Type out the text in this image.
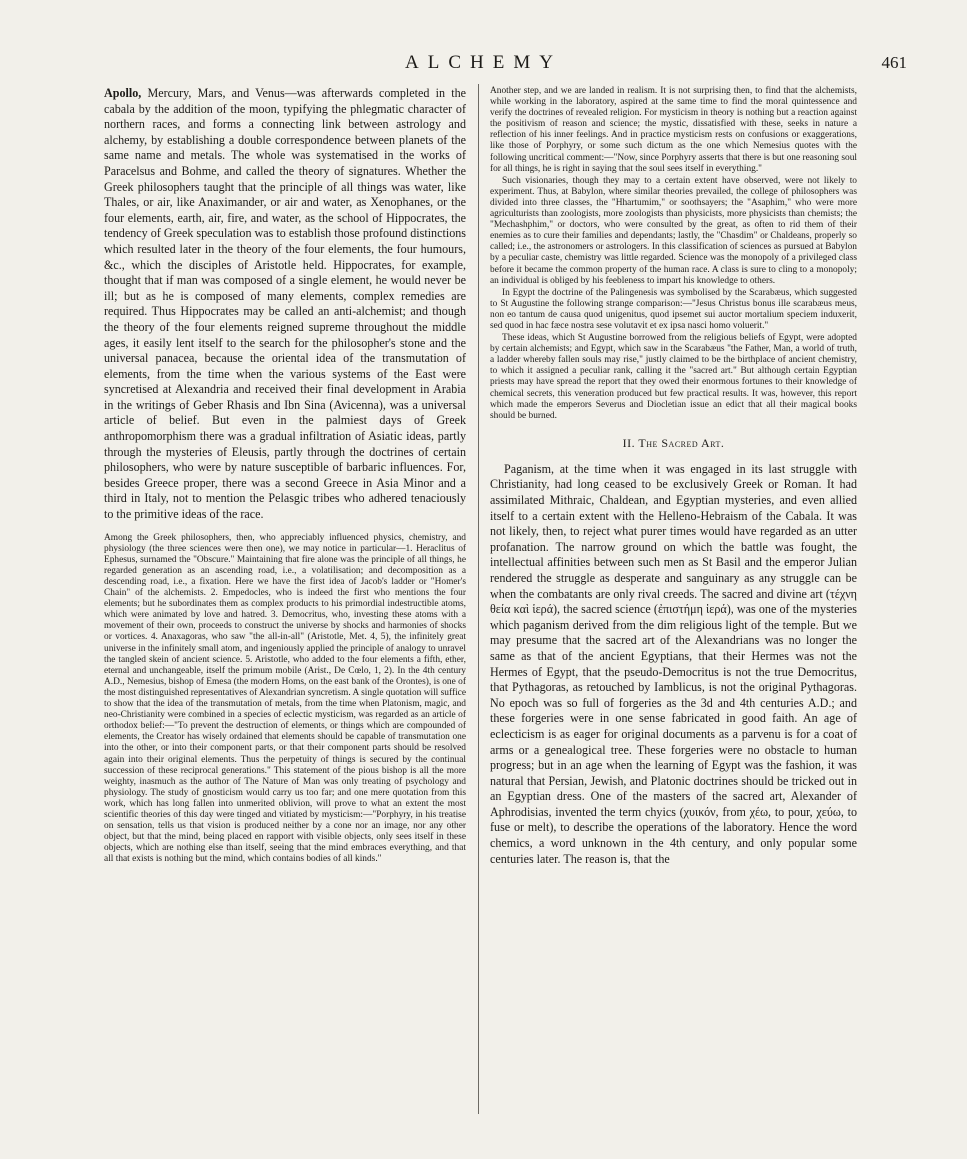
ALCHEMY	461

Apollo, Mercury, Mars, and Venus—was afterwards completed in the cabala by the addition of the moon, typifying the phlegmatic character of northern races, and forms a connecting link between astrology and alchemy, by establishing a double correspondence between planets of the same name and metals. The whole was systematised in the works of Paracelsus and Bohme, and called the theory of signatures. Whether the Greek philosophers taught that the principle of all things was water, like Thales, or air, like Anaximander, or air and water, as Xenophanes, or the four elements, earth, air, fire, and water, as the school of Hippocrates, the tendency of Greek speculation was to establish those profound distinctions which resulted later in the theory of the four elements, the four humours, &c., which the disciples of Aristotle held. Hippocrates, for example, thought that if man was composed of a single element, he would never be ill; but as he is composed of many elements, complex remedies are required. Thus Hippocrates may be called an anti-alchemist; and though the theory of the four elements reigned supreme throughout the middle ages, it easily lent itself to the search for the philosopher's stone and the universal panacea, because the oriental idea of the transmutation of elements, from the time when the various systems of the East were syncretised at Alexandria and received their final development in Arabia in the writings of Geber Rhasis and Ibn Sina (Avicenna), was a universal article of belief. But even in the palmiest days of Greek anthropomorphism there was a gradual infiltration of Asiatic ideas, partly through the mysteries of Eleusis, partly through the doctrines of certain philosophers, who were by nature susceptible of barbaric influences. For, besides Greece proper, there was a second Greece in Asia Minor and a third in Italy, not to mention the Pelasgic tribes who adhered tenaciously to the primitive ideas of the race.

Among the Greek philosophers, then, who appreciably influenced physics, chemistry, and physiology (the three sciences were then one), we may notice in particular—1. Heraclitus of Ephesus, surnamed the "Obscure." Maintaining that fire alone was the principle of all things, he regarded generation as an ascending road, i.e., a volatilisation; and decomposition as a descending road, i.e., a fixation. Here we have the first idea of Jacob's ladder or "Homer's Chain" of the alchemists. 2. Empedocles, who is indeed the first who mentions the four elements; but he subordinates them as complex products to his primordial indestructible atoms, which were animated by love and hatred. 3. Democritus, who, investing these atoms with a movement of their own, proceeds to construct the universe by shocks and harmonies of shocks or vortices. 4. Anaxagoras, who saw "the all-in-all" (Aristotle, Met. 4, 5), the infinitely great universe in the infinitely small atom, and ingeniously applied the principle of analogy to unravel the tangled skein of ancient science. 5. Aristotle, who added to the four elements a fifth, ether, eternal and unchangeable, itself the primum mobile (Arist., De Cœlo, 1, 2). In the 4th century A.D., Nemesius, bishop of Emesa (the modern Homs, on the east bank of the Orontes), is one of the most distinguished representatives of Alexandrian syncretism. A single quotation will suffice to show that the idea of the transmutation of metals, from the time when Platonism, magic, and neo-Christianity were combined in a species of eclectic mysticism, was regarded as an article of orthodox belief:—"To prevent the destruction of elements, or things which are compounded of elements, the Creator has wisely ordained that elements should be capable of transmutation one into the other, or into their component parts, or that their component parts should be resolved again into their original elements. Thus the perpetuity of things is secured by the continual succession of these reciprocal generations." This statement of the pious bishop is all the more weighty, inasmuch as the author of The Nature of Man was only treating of psychology and physiology. The study of gnosticism would carry us too far; and one mere quotation from this work, which has long fallen into unmerited oblivion, will prove to what an extent the most scientific theories of this day were tinged and vitiated by mysticism:—"Porphyry, in his treatise on sensation, tells us that vision is produced neither by a cone nor an image, nor any other object, but that the mind, being placed en rapport with visible objects, only sees itself in these objects, which are nothing else than itself, seeing that the mind embraces everything, and that all that exists is nothing but the mind, which contains bodies of all kinds."

Another step, and we are landed in realism. It is not surprising then, to find that the alchemists, while working in the laboratory, aspired at the same time to find the moral quintessence and verify the doctrines of revealed religion. For mysticism in theory is nothing but a reaction against the positivism of reason and science; the mystic, dissatisfied with these, seeks in nature a reflection of his inner feelings. And in practice mysticism rests on confusions or exaggerations, like those of Porphyry, or some such dictum as the one which Nemesius quotes with the following uncritical comment:—"Now, since Porphyry asserts that there is but one reasoning soul for all things, he is right in saying that the soul sees itself in everything."

Such visionaries, though they may to a certain extent have observed, were not likely to experiment. Thus, at Babylon, where similar theories prevailed, the college of philosophers was divided into three classes, the "Hhartumim," or soothsayers; the "Asaphim," who were more agriculturists than zoologists, more zoologists than physicists, more physicists than chemists; the "Mechashphim," or doctors, who were consulted by the great, as often to rid them of their enemies as to cure their families and dependants; lastly, the "Chasdim" or Chaldeans, properly so called; i.e., the astronomers or astrologers. In this classification of sciences as pursued at Babylon by a peculiar caste, chemistry was little regarded. Science was the monopoly of a privileged class before it became the common property of the human race. A class is sure to cling to a monopoly; an individual is obliged by his feebleness to impart his knowledge to others.

In Egypt the doctrine of the Palingenesis was symbolised by the Scarabæus, which suggested to St Augustine the following strange comparison:—"Jesus Christus bonus ille scarabæus meus, non eo tantum de causa quod unigenitus, quod ipsemet sui auctor mortalium speciem induxerit, sed quod in hac fæce nostra sese volutavit et ex ipsa nasci homo voluerit."

These ideas, which St Augustine borrowed from the religious beliefs of Egypt, were adopted by certain alchemists; and Egypt, which saw in the Scarabæus "the Father, Man, a world of truth, a ladder whereby fallen souls may rise," justly claimed to be the birthplace of ancient chemistry, to which it assigned a peculiar rank, calling it the "sacred art." But although certain Egyptian priests may have spread the report that they owed their enormous fortunes to their knowledge of chemical secrets, this veneration produced but few practical results. It was, however, this report which made the emperors Severus and Diocletian issue an edict that all their magical books should be burned.

II. The Sacred Art.

Paganism, at the time when it was engaged in its last struggle with Christianity, had long ceased to be exclusively Greek or Roman. It had assimilated Mithraic, Chaldean, and Egyptian mysteries, and even allied itself to a certain extent with the Helleno-Hebraism of the Cabala. It was not likely, then, to reject what purer times would have regarded as an utter profanation. The narrow ground on which the battle was fought, the intellectual affinities between such men as St Basil and the emperor Julian rendered the struggle as desperate and sanguinary as any struggle can be when the combatants are only rival creeds. The sacred and divine art (τέχνη θεία καὶ ἱερά), the sacred science (ἐπιστήμη ἱερά), was one of the mysteries which paganism derived from the dim religious light of the temple. But we may presume that the sacred art of the Alexandrians was no longer the same as that of the ancient Egyptians, that their Hermes was not the Hermes of Egypt, that the pseudo-Democritus is not the true Democritus, that Pythagoras, as retouched by Iamblicus, is not the original Pythagoras. No epoch was so full of forgeries as the 3d and 4th centuries A.D.; and these forgeries were in one sense fabricated in good faith. An age of eclecticism is as eager for original documents as a parvenu is for a coat of arms or a genealogical tree. These forgeries were no obstacle to human progress; but in an age when the learning of Egypt was the fashion, it was natural that Persian, Jewish, and Platonic doctrines should be tricked out in an Egyptian dress. One of the masters of the sacred art, Alexander of Aphrodisias, invented the term chyics (χυικόν, from χέω, to pour, χεύω, to fuse or melt), to describe the operations of the laboratory. Hence the word chemics, a word unknown in the 4th century, and only popular some centuries later. The reason is, that the
